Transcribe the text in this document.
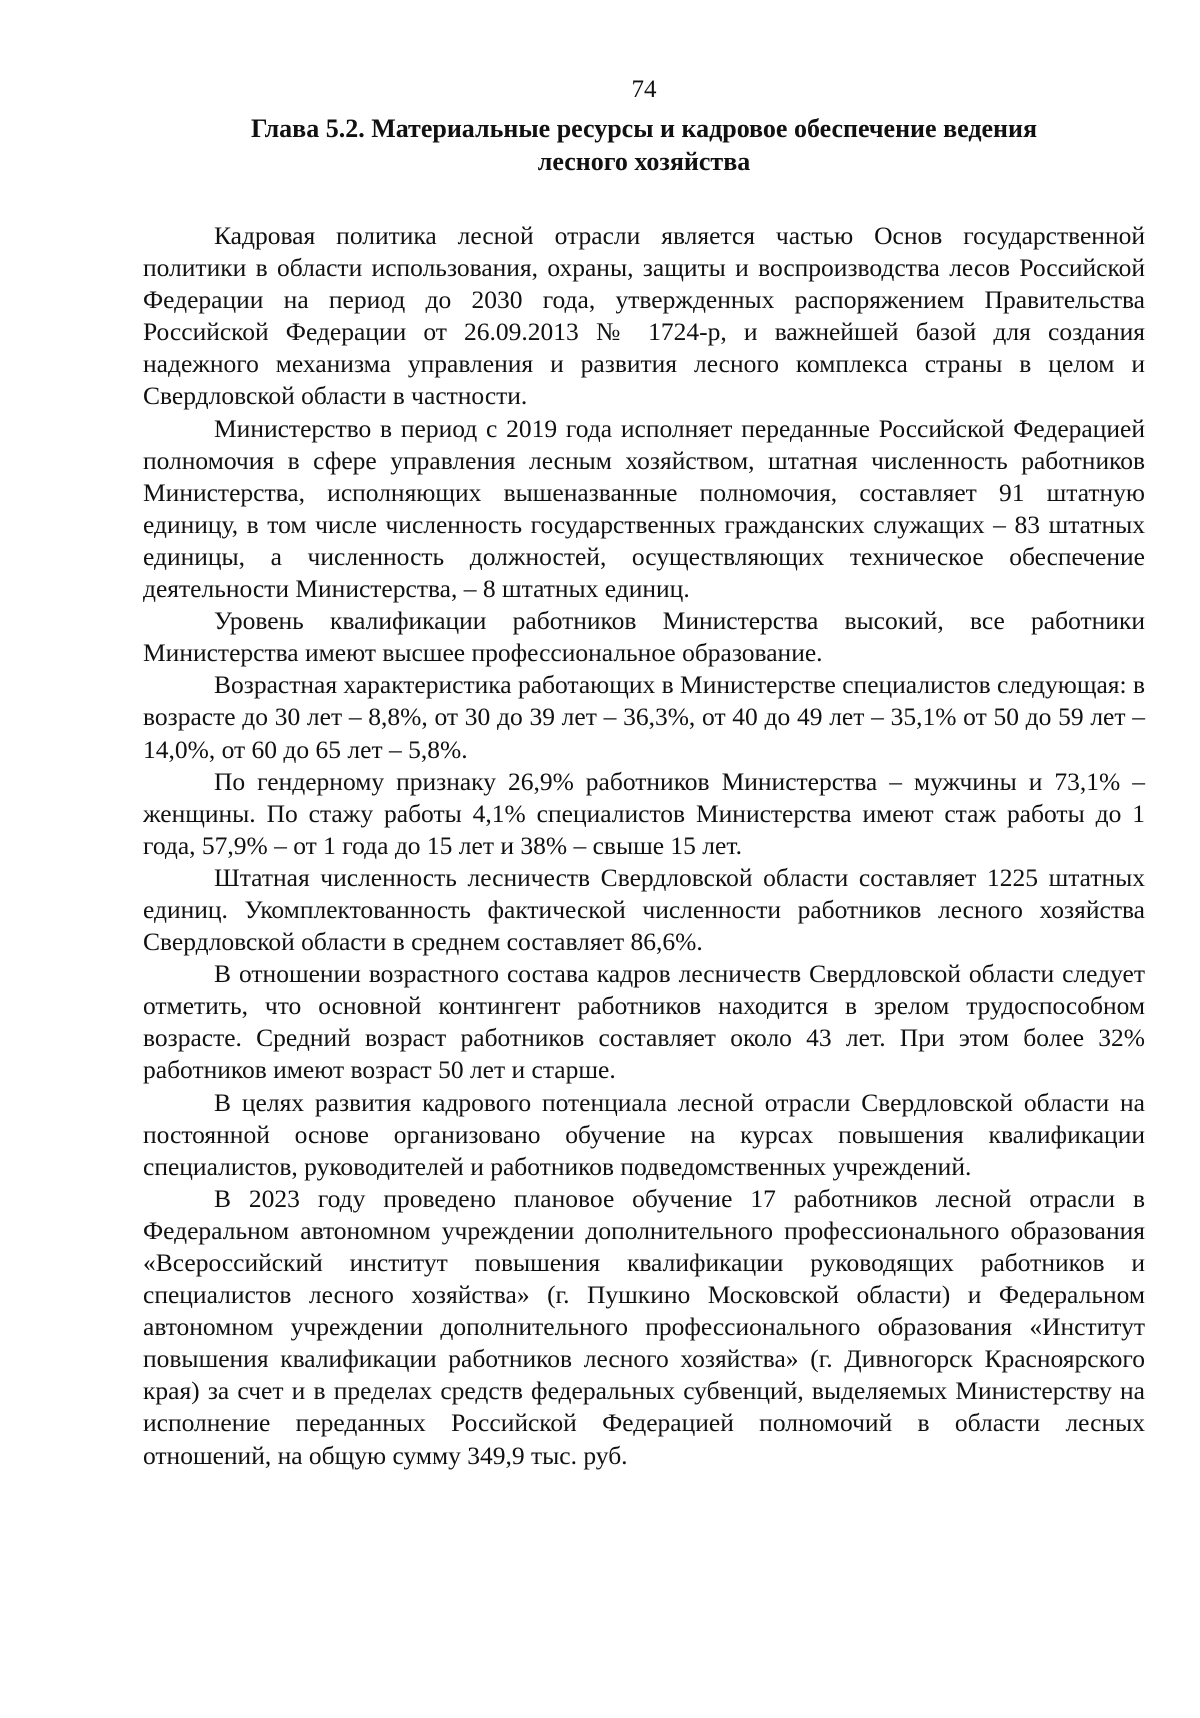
74
Глава 5.2. Материальные ресурсы и кадровое обеспечение ведения
лесного хозяйства

Кадровая политика лесной отрасли является частью Основ государственной политики в области использования, охраны, защиты и воспроизводства лесов Российской Федерации на период до 2030 года, утвержденных распоряжением Правительства Российской Федерации от 26.09.2013 № 1724-р, и важнейшей базой для создания надежного механизма управления и развития лесного комплекса страны в целом и Свердловской области в частности.

Министерство в период с 2019 года исполняет переданные Российской Федерацией полномочия в сфере управления лесным хозяйством, штатная численность работников Министерства, исполняющих вышеназванные полномочия, составляет 91 штатную единицу, в том числе численность государственных гражданских служащих – 83 штатных единицы, а численность должностей, осуществляющих техническое обеспечение деятельности Министерства, – 8 штатных единиц.

Уровень квалификации работников Министерства высокий, все работники Министерства имеют высшее профессиональное образование.

Возрастная характеристика работающих в Министерстве специалистов следующая: в возрасте до 30 лет – 8,8%, от 30 до 39 лет – 36,3%, от 40 до 49 лет – 35,1% от 50 до 59 лет – 14,0%, от 60 до 65 лет – 5,8%.

По гендерному признаку 26,9% работников Министерства – мужчины и 73,1% – женщины. По стажу работы 4,1% специалистов Министерства имеют стаж работы до 1 года, 57,9% – от 1 года до 15 лет и 38% – свыше 15 лет.

Штатная численность лесничеств Свердловской области составляет 1225 штатных единиц. Укомплектованность фактической численности работников лесного хозяйства Свердловской области в среднем составляет 86,6%.

В отношении возрастного состава кадров лесничеств Свердловской области следует отметить, что основной контингент работников находится в зрелом трудоспособном возрасте. Средний возраст работников составляет около 43 лет. При этом более 32% работников имеют возраст 50 лет и старше.

В целях развития кадрового потенциала лесной отрасли Свердловской области на постоянной основе организовано обучение на курсах повышения квалификации специалистов, руководителей и работников подведомственных учреждений.

В 2023 году проведено плановое обучение 17 работников лесной отрасли в Федеральном автономном учреждении дополнительного профессионального образования «Всероссийский институт повышения квалификации руководящих работников и специалистов лесного хозяйства» (г. Пушкино Московской области) и Федеральном автономном учреждении дополнительного профессионального образования «Институт повышения квалификации работников лесного хозяйства» (г. Дивногорск Красноярского края) за счет и в пределах средств федеральных субвенций, выделяемых Министерству на исполнение переданных Российской Федерацией полномочий в области лесных отношений, на общую сумму 349,9 тыс. руб.
